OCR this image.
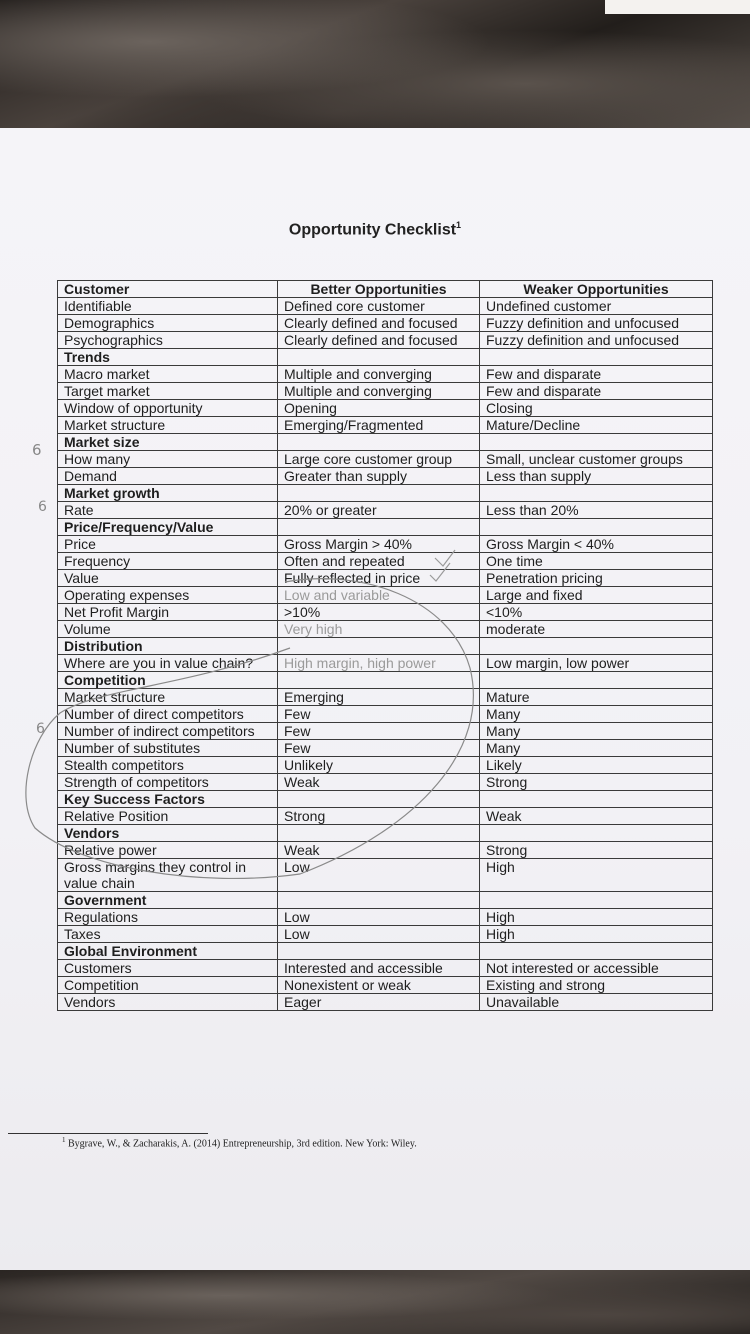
Opportunity Checklist$^1$
Customer	Better Opportunities	Weaker Opportunities
Identifiable	Defined core customer	Undefined customer
Demographics	Clearly defined and focused	Fuzzy definition and unfocused
Psychographics	Clearly defined and focused	Fuzzy definition and unfocused
Trends		
Macro market	Multiple and converging	Few and disparate
Target market	Multiple and converging	Few and disparate
Window of opportunity	Opening	Closing
Market structure	Emerging/Fragmented	Mature/Decline
Market size		
How many	Large core customer group	Small, unclear customer groups
Demand	Greater than supply	Less than supply
Market growth		
Rate	20% or greater	Less than 20%
Price/Frequency/Value		
Price	Gross Margin > 40%	Gross Margin < 40%
Frequency	Often and repeated	One time
Value	Fully reflected in price	Penetration pricing
Operating expenses	Low and variable	Large and fixed
Net Profit Margin	>10%	<10%
Volume	Very high	moderate
Distribution		
Where are you in value chain?	High margin, high power	Low margin, low power
Competition		
Market structure	Emerging	Mature
Number of direct competitors	Few	Many
Number of indirect competitors	Few	Many
Number of substitutes	Few	Many
Stealth competitors	Unlikely	Likely
Strength of competitors	Weak	Strong
Key Success Factors		
Relative Position	Strong	Weak
Vendors		
Relative power	Weak	Strong
Gross margins they control in value chain	Low	High
Government		
Regulations	Low	High
Taxes	Low	High
Global Environment		
Customers	Interested and accessible	Not interested or accessible
Competition	Nonexistent or weak	Existing and strong
Vendors	Eager	Unavailable
$^1$ Bygrave, W., & Zacharakis, A. (2014) Entrepreneurship, 3rd edition. New York: Wiley.
6
6
6
